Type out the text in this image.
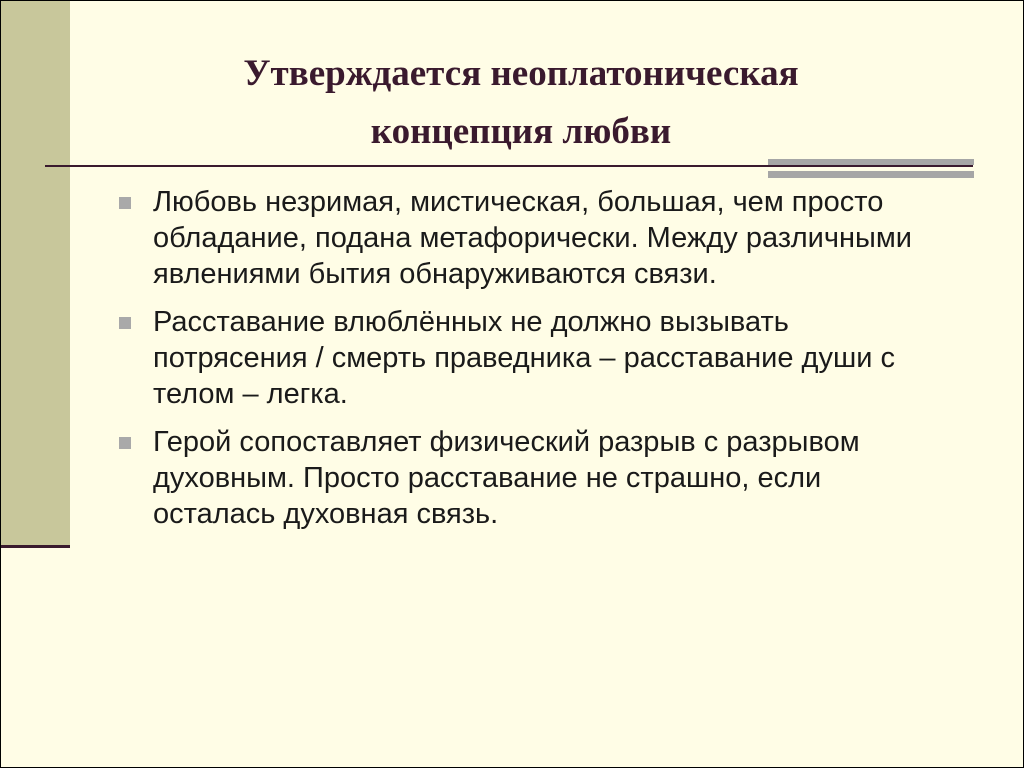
Утверждается неоплатоническая
концепция любви
Любовь незримая, мистическая, большая, чем просто обладание, подана метафорически. Между различными явлениями бытия обнаруживаются связи.
Расставание влюблённых не должно вызывать потрясения / смерть праведника – расставание души с телом – легка.
Герой сопоставляет физический разрыв с разрывом духовным. Просто расставание не страшно, если осталась духовная связь.
